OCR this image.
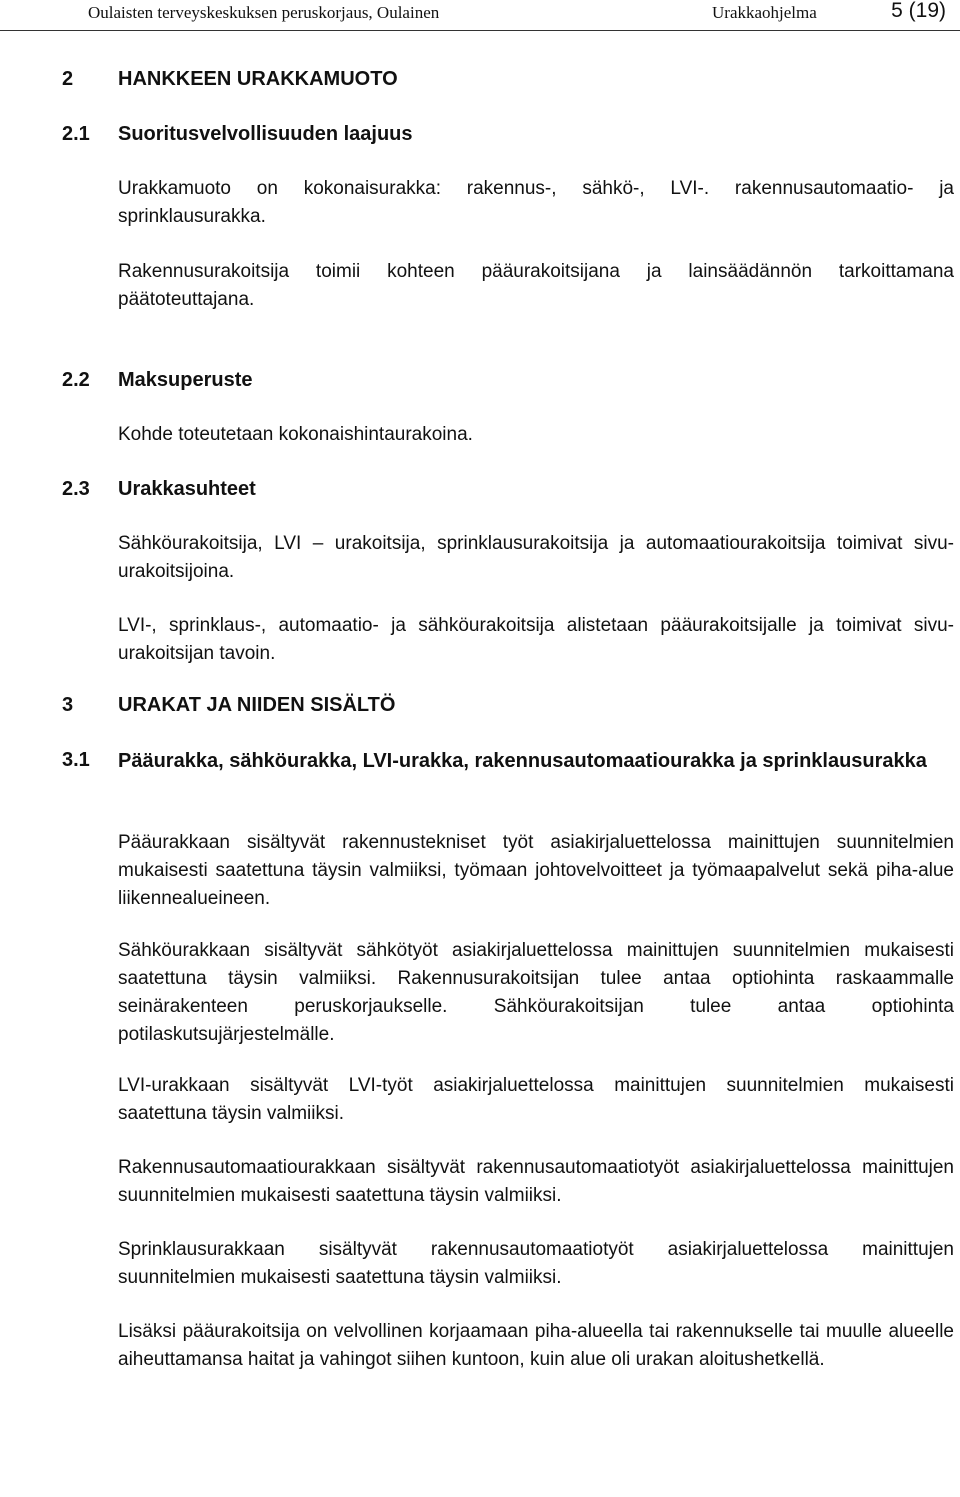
Oulaisten terveyskeskuksen peruskorjaus, Oulainen	Urakkaohjelma	5 (19)
2 HANKKEEN URAKKAMUOTO
2.1 Suoritusvelvollisuuden laajuus
Urakkamuoto on kokonaisurakka: rakennus-, sähkö-, LVI-. rakennusautomaatio- ja sprinklausurakka.
Rakennusurakoitsija toimii kohteen pääurakoitsijana ja lainsäädännön tarkoittamana päätoteuttajana.
2.2 Maksuperuste
Kohde toteutetaan kokonaishintaurakoina.
2.3 Urakkasuhteet
Sähköurakoitsija, LVI – urakoitsija, sprinklausurakoitsija ja automaatiourakoitsija toimivat sivu-urakoitsijoina.
LVI-, sprinklaus-, automaatio- ja sähköurakoitsija alistetaan pääurakoitsijalle ja toimivat sivu-urakoitsijan tavoin.
3 URAKAT JA NIIDEN SISÄLTÖ
3.1 Pääurakka, sähköurakka, LVI-urakka, rakennusautomaatiourakka ja sprinklausurakka
Pääurakkaan sisältyvät rakennustekniset työt asiakirjaluettelossa mainittujen suunnitelmien mukaisesti saatettuna täysin valmiiksi, työmaan johtovelvoitteet ja työmaapalvelut sekä piha-alue liikennealueineen.
Sähköurakkaan sisältyvät sähkötyöt asiakirjaluettelossa mainittujen suunnitelmien mukaisesti saatettuna täysin valmiiksi. Rakennusurakoitsijan tulee antaa optiohinta raskaammalle seinärakenteen peruskorjaukselle. Sähköurakoitsijan tulee antaa optiohinta potilaskutsujärjestelmälle.
LVI-urakkaan sisältyvät LVI-työt asiakirjaluettelossa mainittujen suunnitelmien mukaisesti saatettuna täysin valmiiksi.
Rakennusautomaatiourakkaan sisältyvät rakennusautomaatiotyöt asiakirjaluettelossa mainittujen suunnitelmien mukaisesti saatettuna täysin valmiiksi.
Sprinklausurakkaan sisältyvät rakennusautomaatiotyöt asiakirjaluettelossa mainittujen suunnitelmien mukaisesti saatettuna täysin valmiiksi.
Lisäksi pääurakoitsija on velvollinen korjaamaan piha-alueella tai rakennukselle tai muulle alueelle aiheuttamansa haitat ja vahingot siihen kuntoon, kuin alue oli urakan aloitushetkellä.
